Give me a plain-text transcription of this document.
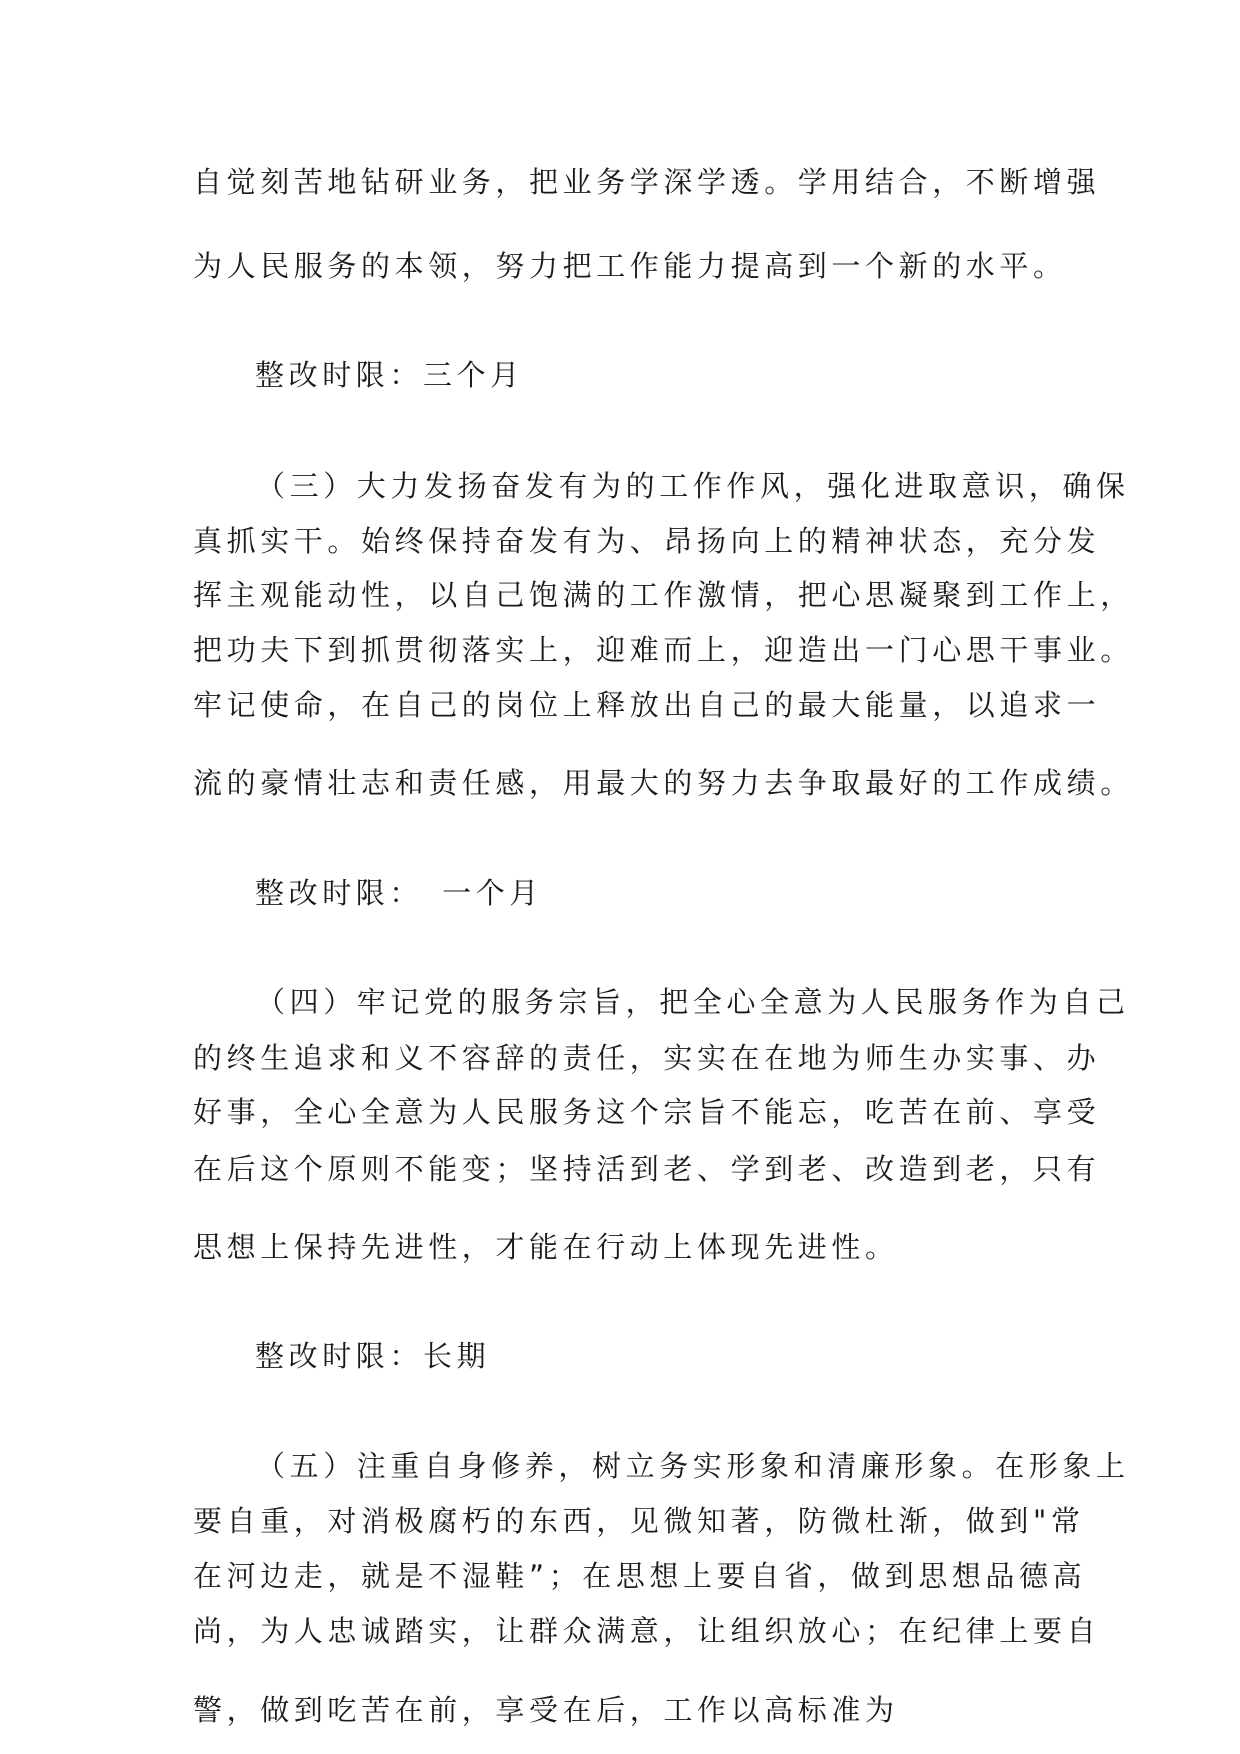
自觉刻苦地钻研业务，把业务学深学透。学用结合，不断增强
为人民服务的本领，努力把工作能力提高到一个新的水平。
整改时限：三个月
（三）大力发扬奋发有为的工作作风，强化进取意识，确保
真抓实干。始终保持奋发有为、昂扬向上的精神状态，充分发
挥主观能动性，以自己饱满的工作激情，把心思凝聚到工作上，
把功夫下到抓贯彻落实上，迎难而上，迎造出一门心思干事业。
牢记使命，在自己的岗位上释放出自己的最大能量，以追求一
流的豪情壮志和责任感，用最大的努力去争取最好的工作成绩。
整改时限：　一个月
（四）牢记党的服务宗旨，把全心全意为人民服务作为自己
的终生追求和义不容辞的责任，实实在在地为师生办实事、办
好事，全心全意为人民服务这个宗旨不能忘，吃苦在前、享受
在后这个原则不能变；坚持活到老、学到老、改造到老，只有
思想上保持先进性，才能在行动上体现先进性。
整改时限：长期
（五）注重自身修养，树立务实形象和清廉形象。在形象上
要自重，对消极腐朽的东西，见微知著，防微杜渐，做到"常
在河边走，就是不湿鞋”；在思想上要自省，做到思想品德高
尚，为人忠诚踏实，让群众满意，让组织放心；在纪律上要自
警，做到吃苦在前，享受在后，工作以高标准为
